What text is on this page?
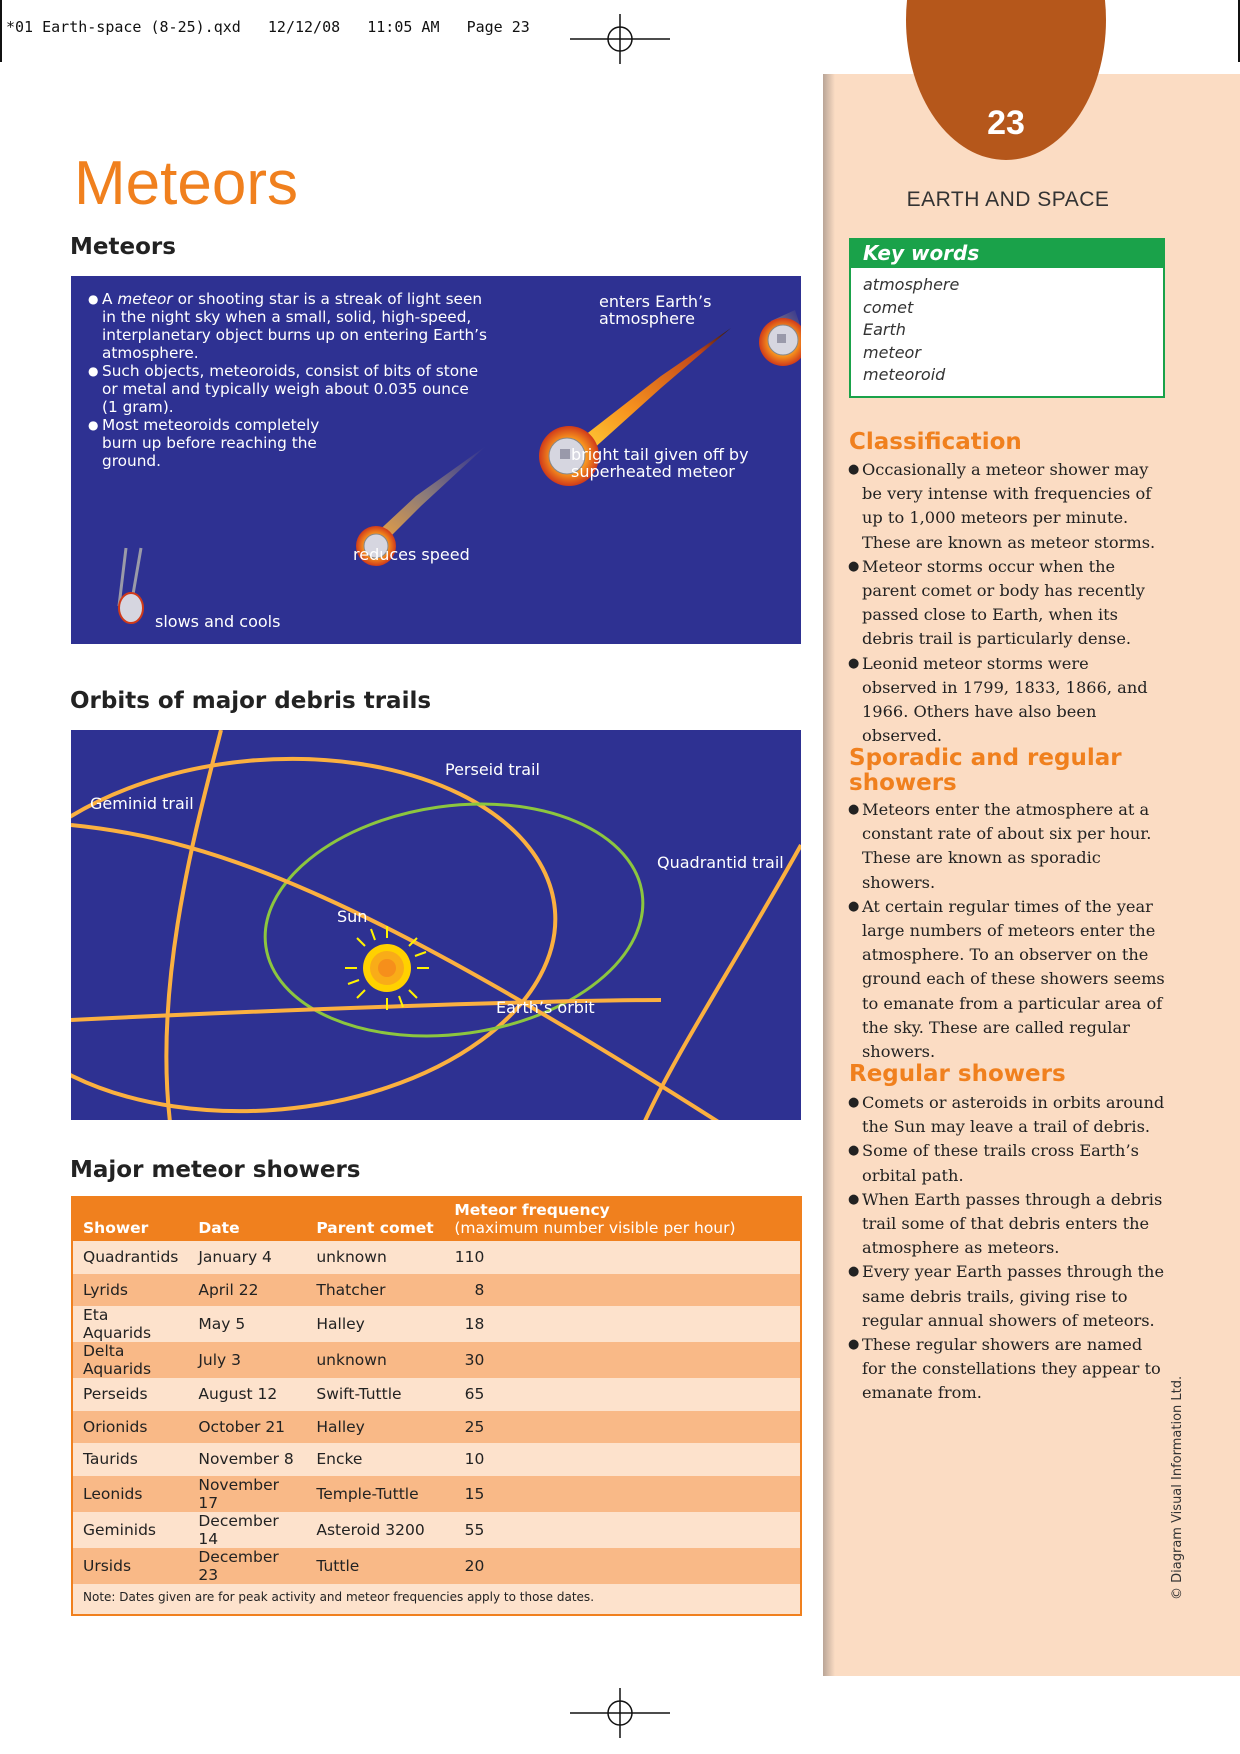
*01 Earth-space (8-25).qxd   12/12/08   11:05 AM   Page 23
23
EARTH AND SPACE
Key words
atmosphere
comet
Earth
meteor
meteoroid
Classification
● Occasionally a meteor shower may be very intense with frequencies of up to 1,000 meteors per minute. These are known as meteor storms.
● Meteor storms occur when the parent comet or body has recently passed close to Earth, when its debris trail is particularly dense.
● Leonid meteor storms were observed in 1799, 1833, 1866, and 1966. Others have also been observed.
Sporadic and regular
showers
● Meteors enter the atmosphere at a constant rate of about six per hour. These are known as sporadic showers.
● At certain regular times of the year large numbers of meteors enter the atmosphere. To an observer on the ground each of these showers seems to emanate from a particular area of the sky. These are called regular showers.
Regular showers
● Comets or asteroids in orbits around the Sun may leave a trail of debris.
● Some of these trails cross Earth’s orbital path.
● When Earth passes through a debris trail some of that debris enters the atmosphere as meteors.
● Every year Earth passes through the same debris trails, giving rise to regular annual showers of meteors.
● These regular showers are named for the constellations they appear to emanate from.	© Diagram Visual Information Ltd.
Meteors
Meteors
enters Earth’s atmosphere
bright tail given off by superheated meteor
reduces speed
slows and cools
● A meteor or shooting star is a streak of light seen in the night sky when a small, solid, high-speed, interplanetary object burns up on entering Earth’s atmosphere.
● Such objects, meteoroids, consist of bits of stone or metal and typically weigh about 0.035 ounce (1 gram).
● Most meteoroids completely burn up before reaching the ground.
Orbits of major debris trails
Perseid trail
Geminid trail
Quadrantid trail
Sun
Earth’s orbit
Major meteor showers
Shower	Date	Parent comet	Meteor frequency
(maximum number visible per hour)

Quadrantids	January 4	unknown	110
Lyrids	April 22	Thatcher	8
Eta Aquarids	May 5	Halley	18
Delta Aquarids	July 3	unknown	30
Perseids	August 12	Swift-Tuttle	65
Orionids	October 21	Halley	25
Taurids	November 8	Encke	10
Leonids	November 17	Temple-Tuttle	15
Geminids	December 14	Asteroid 3200	55
Ursids	December 23	Tuttle	20
Note: Dates given are for peak activity and meteor frequencies apply to those dates.
